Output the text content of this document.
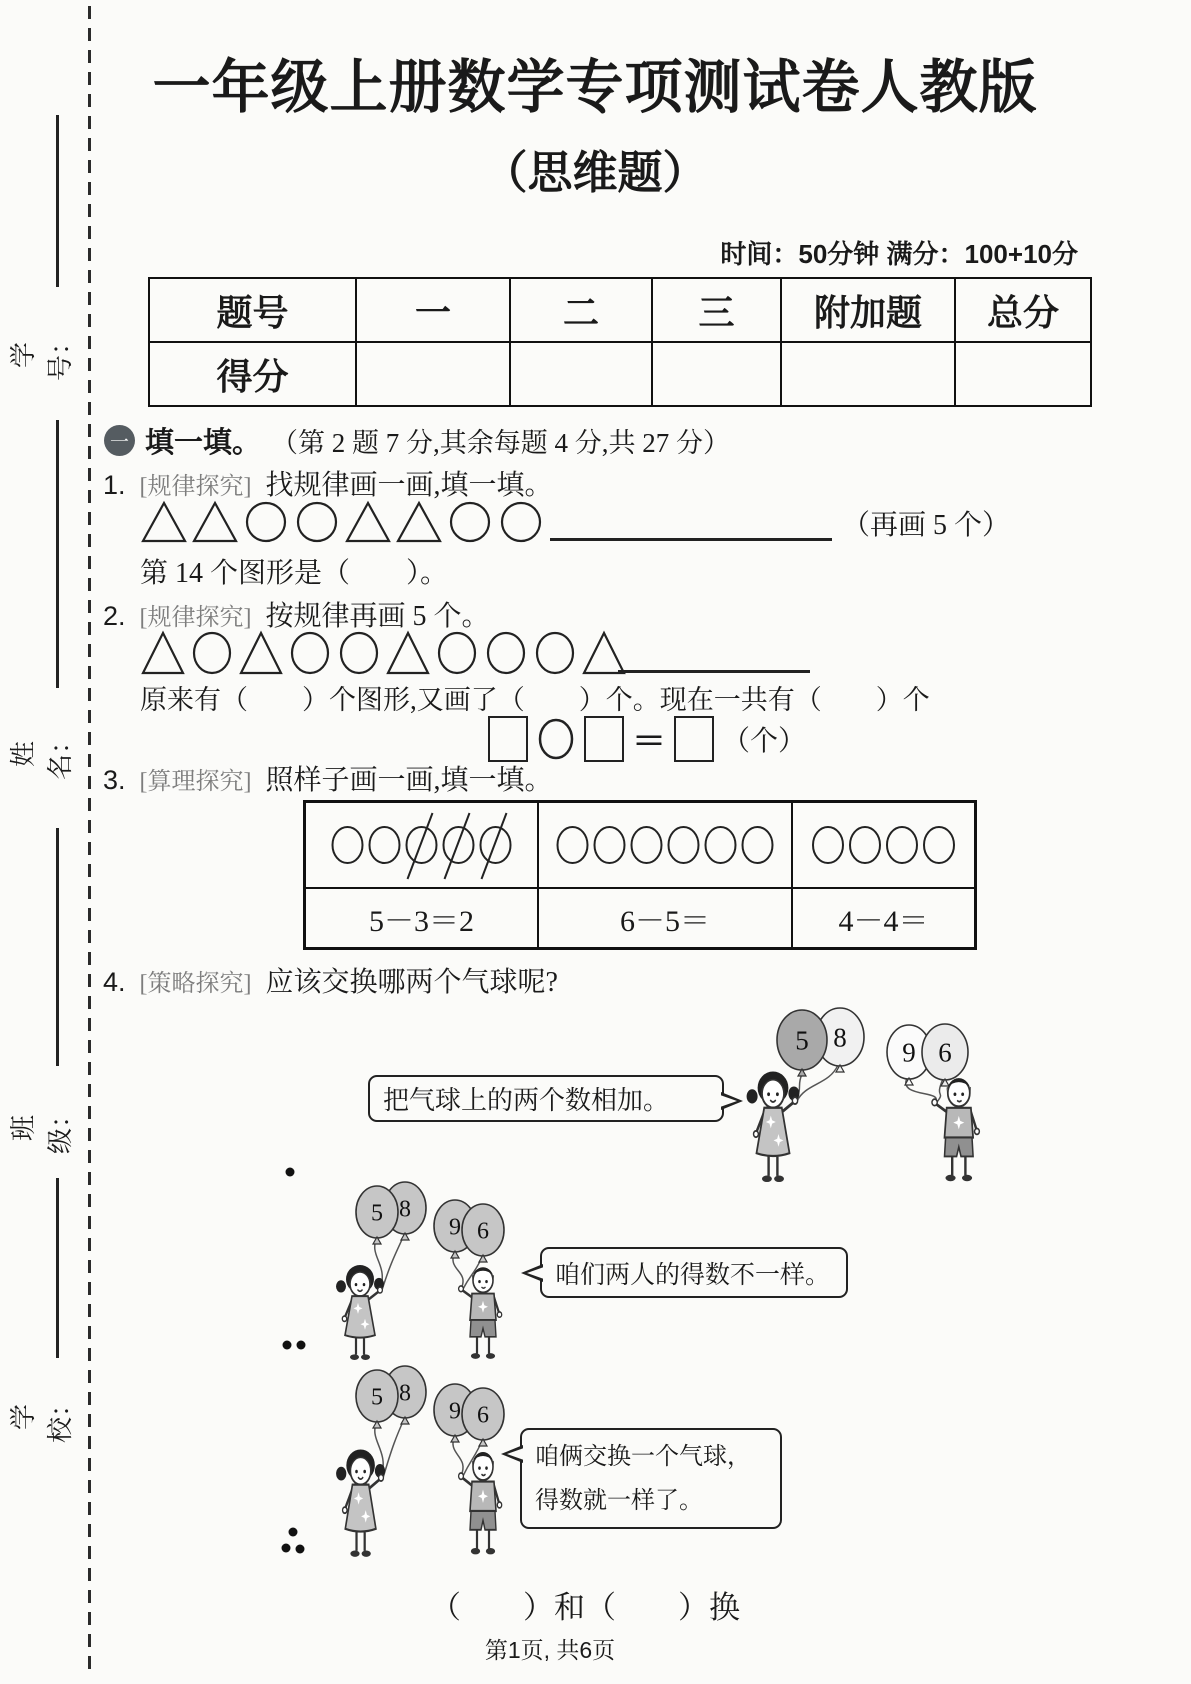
学号：
姓名：
班级：
学校：
一年级上册数学专项测试卷人教版
（思维题）
时间：50分钟 满分：100+10分
题号	一	二	三	附加题	总分
得分					
一 填一填。 （第 2 题 7 分,其余每题 4 分,共 27 分）
1. [规律探究] 找规律画一画,填一填。
（再画 5 个）
第 14 个图形是（　　）。
2. [规律探究] 按规律再画 5 个。
原来有（　　）个图形,又画了（　　）个。现在一共有（　　）个
＝ （个）
3. [算理探究] 照样子画一画,填一填。
5－3＝2	6－5＝	4－4＝
4. [策略探究] 应该交换哪两个气球呢?
8
5	9 6
8
5
9 6
8
5
9 6
把气球上的两个数相加。
咱们两人的得数不一样。
咱俩交换一个气球，
得数就一样了。
（　　）和（　　）换
第1页, 共6页
